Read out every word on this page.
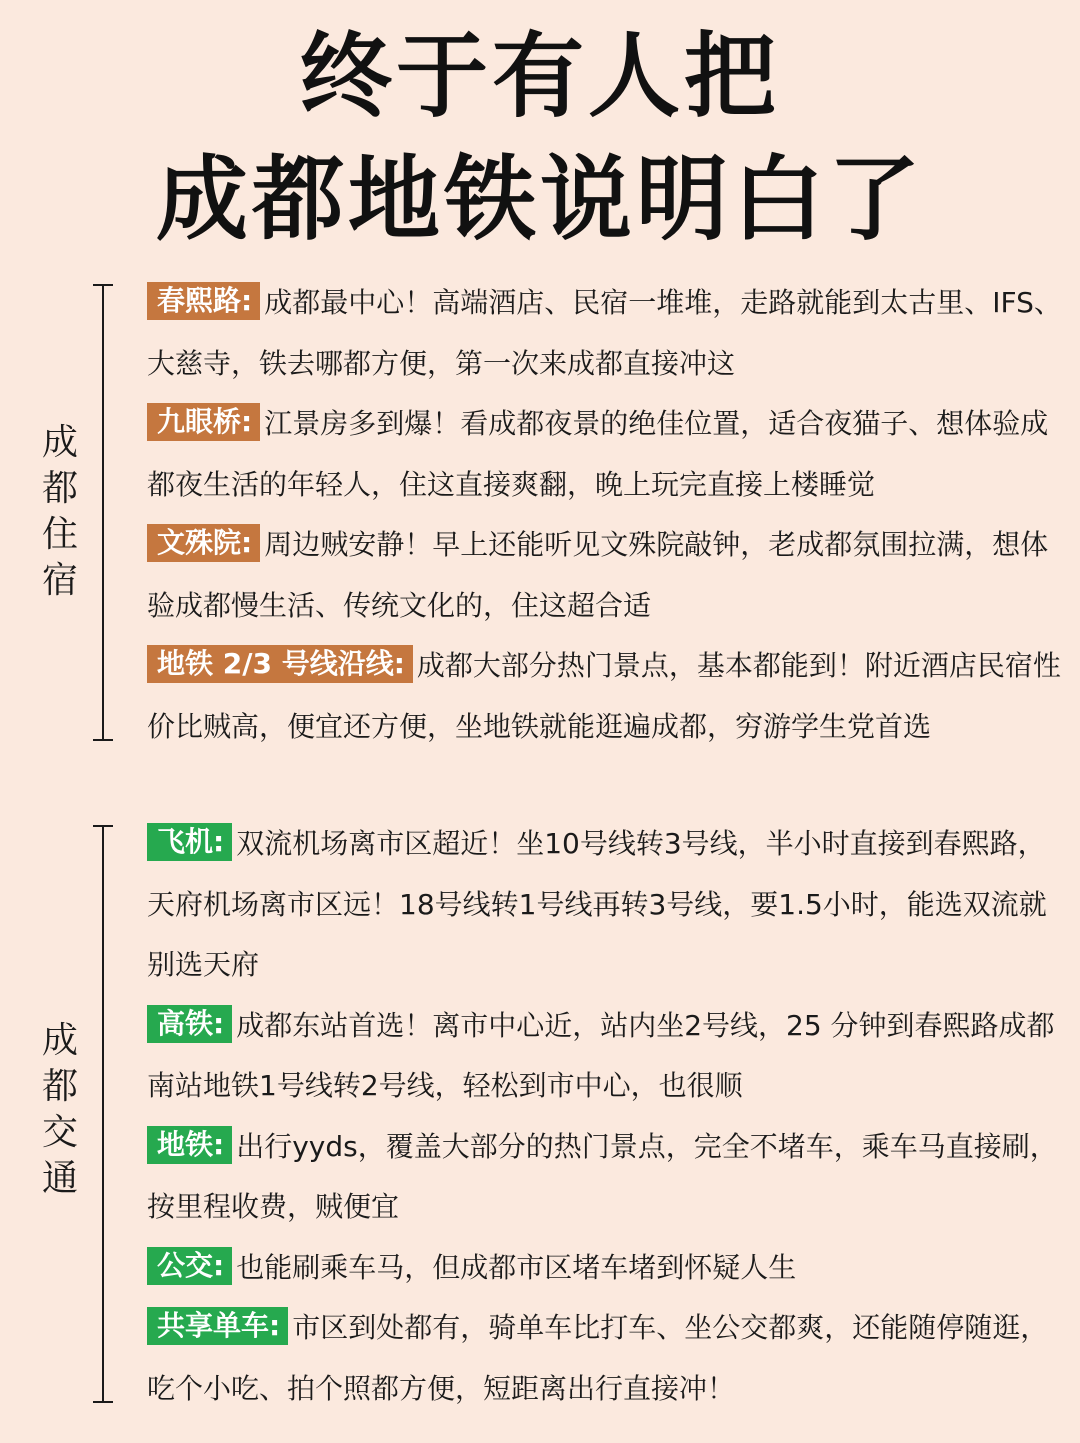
终于有人把
成都地铁说明白了
成都住宿

春熙路: 成都最中心！高端酒店、民宿一堆堆，走路就能到太古里、IFS、大慈寺，铁去哪都方便，第一次来成都直接冲这

九眼桥: 江景房多到爆！看成都夜景的绝佳位置，适合夜猫子、想体验成都夜生活的年轻人，住这直接爽翻，晚上玩完直接上楼睡觉

文殊院: 周边贼安静！早上还能听见文殊院敲钟，老成都氛围拉满，想体验成都慢生活、传统文化的，住这超合适

地铁 2/3 号线沿线: 成都大部分热门景点，基本都能到！附近酒店民宿性价比贼高，便宜还方便，坐地铁就能逛遍成都，穷游学生党首选

成都交通

飞机: 双流机场离市区超近！坐10号线转3号线，半小时直接到春熙路，天府机场离市区远！18号线转1号线再转3号线，要1.5小时，能选双流就别选天府

高铁: 成都东站首选！离市中心近，站内坐2号线，25 分钟到春熙路成都南站地铁1号线转2号线，轻松到市中心，也很顺

地铁: 出行yyds，覆盖大部分的热门景点，完全不堵车，乘车马直接刷，按里程收费，贼便宜

公交: 也能刷乘车马，但成都市区堵车堵到怀疑人生

共享单车: 市区到处都有，骑单车比打车、坐公交都爽，还能随停随逛，吃个小吃、拍个照都方便，短距离出行直接冲！
